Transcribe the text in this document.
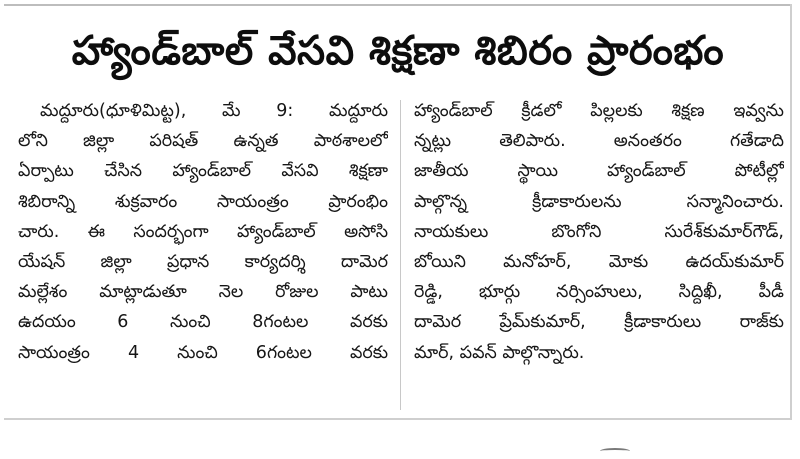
హ్యాండ్‌బాల్ వేసవి శిక్షణా శిబిరం ప్రారంభం
మద్దూరు(ధూళిమిట్ట), మే 9: మద్దూరు
లోని జిల్లా పరిషత్ ఉన్నత పాఠశాలలో
ఏర్పాటు చేసిన హ్యాండ్‌బాల్ వేసవి శిక్షణా
శిబిరాన్ని శుక్రవారం సాయంత్రం ప్రారంభిం
చారు. ఈ సందర్భంగా హ్యాండ్‌బాల్ అసోసి
యేషన్ జిల్లా ప్రధాన కార్యదర్శి దామెర
మల్లేశం మాట్లాడుతూ నెల రోజుల పాటు
ఉదయం 6 నుంచి 8గంటల వరకు
సాయంత్రం 4 నుంచి 6గంటల వరకు
హ్యాండ్‌బాల్ క్రీడలో పిల్లలకు శిక్షణ ఇవ్వను
న్నట్లు తెలిపారు. అనంతరం గతేడాది
జాతీయ స్థాయి హ్యాండ్‌బాల్ పోటీల్లో
పాల్గొన్న క్రీడాకారులను సన్మానించారు.
నాయకులు బొంగోని సురేశ్‌కుమార్‌గౌడ్,
బోయిని మనోహర్, మోకు ఉదయ్‌కుమార్
రెడ్డి, భూర్గు నర్సింహులు, సిద్దిఖీ, పీడీ
దామెర ప్రేమ్‌కుమార్, క్రీడాకారులు రాజ్‌కు
మార్, పవన్ పాల్గొన్నారు.
